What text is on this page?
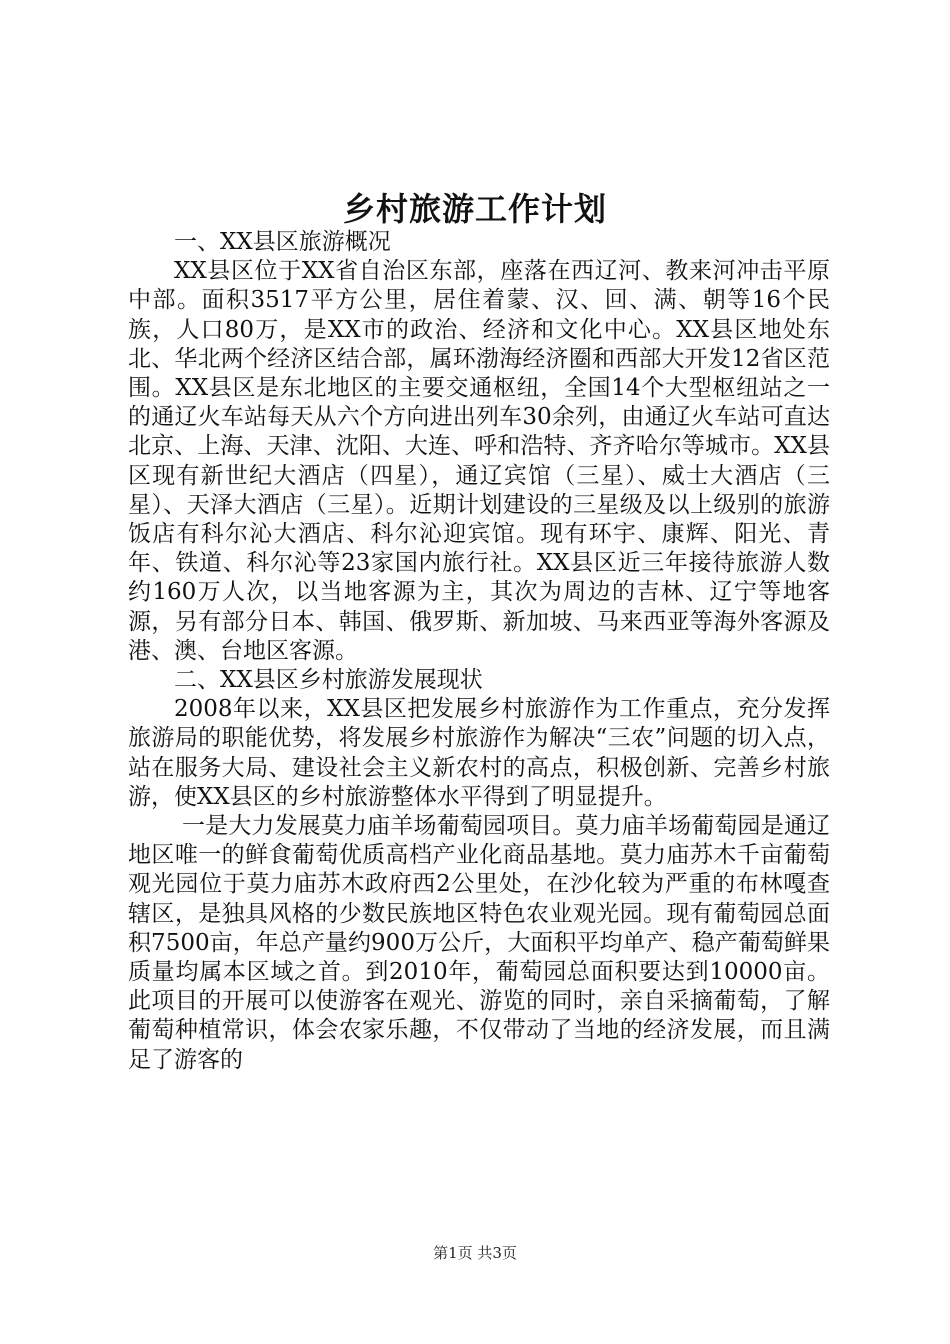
乡村旅游工作计划

一、XX县区旅游概况

XX县区位于XX省自治区东部，座落在西辽河、教来河冲击平原中部。面积3517平方公里，居住着蒙、汉、回、满、朝等16个民族，人口80万，是XX市的政治、经济和文化中心。XX县区地处东北、华北两个经济区结合部，属环渤海经济圈和西部大开发12省区范围。XX县区是东北地区的主要交通枢纽，全国14个大型枢纽站之一的通辽火车站每天从六个方向进出列车30余列，由通辽火车站可直达北京、上海、天津、沈阳、大连、呼和浩特、齐齐哈尔等城市。XX县区现有新世纪大酒店（四星），通辽宾馆（三星）、威士大酒店（三星）、天泽大酒店（三星）。近期计划建设的三星级及以上级别的旅游饭店有科尔沁大酒店、科尔沁迎宾馆。现有环宇、康辉、阳光、青年、铁道、科尔沁等23家国内旅行社。XX县区近三年接待旅游人数约160万人次，以当地客源为主，其次为周边的吉林、辽宁等地客源，另有部分日本、韩国、俄罗斯、新加坡、马来西亚等海外客源及港、澳、台地区客源。

二、XX县区乡村旅游发展现状

2008年以来，XX县区把发展乡村旅游作为工作重点，充分发挥旅游局的职能优势，将发展乡村旅游作为解决“三农”问题的切入点，站在服务大局、建设社会主义新农村的高点，积极创新、完善乡村旅游，使XX县区的乡村旅游整体水平得到了明显提升。

一是大力发展莫力庙羊场葡萄园项目。莫力庙羊场葡萄园是通辽地区唯一的鲜食葡萄优质高档产业化商品基地。莫力庙苏木千亩葡萄观光园位于莫力庙苏木政府西2公里处，在沙化较为严重的布林嘎查辖区，是独具风格的少数民族地区特色农业观光园。现有葡萄园总面积7500亩，年总产量约900万公斤，大面积平均单产、稳产葡萄鲜果质量均属本区域之首。到2010年，葡萄园总面积要达到10000亩。此项目的开展可以使游客在观光、游览的同时，亲自采摘葡萄，了解葡萄种植常识，体会农家乐趣，不仅带动了当地的经济发展，而且满足了游客的

第1页 共3页
